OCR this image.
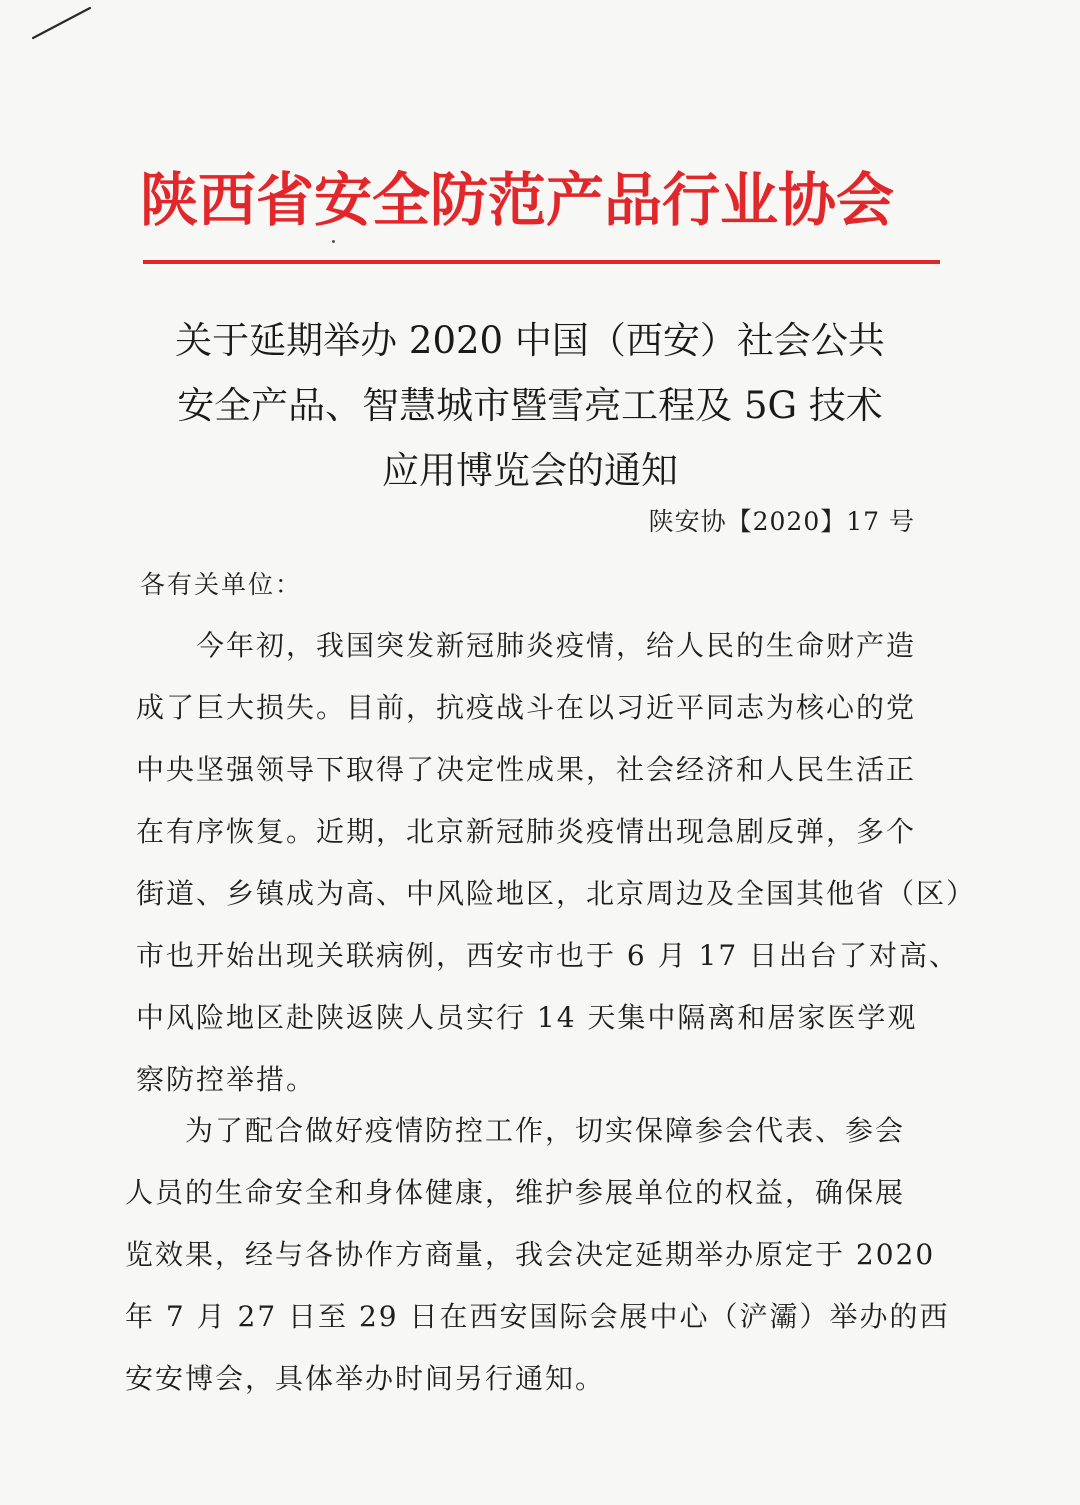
陕西省安全防范产品行业协会
关于延期举办 2020 中国（西安）社会公共
安全产品、智慧城市暨雪亮工程及 5G 技术
应用博览会的通知
陕安协【2020】17 号
各有关单位：
今年初，我国突发新冠肺炎疫情，给人民的生命财产造
成了巨大损失。目前，抗疫战斗在以习近平同志为核心的党
中央坚强领导下取得了决定性成果，社会经济和人民生活正
在有序恢复。近期，北京新冠肺炎疫情出现急剧反弹，多个
街道、乡镇成为高、中风险地区，北京周边及全国其他省（区）
市也开始出现关联病例，西安市也于 6 月 17 日出台了对高、
中风险地区赴陕返陕人员实行 14 天集中隔离和居家医学观
察防控举措。
为了配合做好疫情防控工作，切实保障参会代表、参会
人员的生命安全和身体健康，维护参展单位的权益，确保展
览效果，经与各协作方商量，我会决定延期举办原定于 2020
年 7 月 27 日至 29 日在西安国际会展中心（浐灞）举办的西
安安博会，具体举办时间另行通知。
